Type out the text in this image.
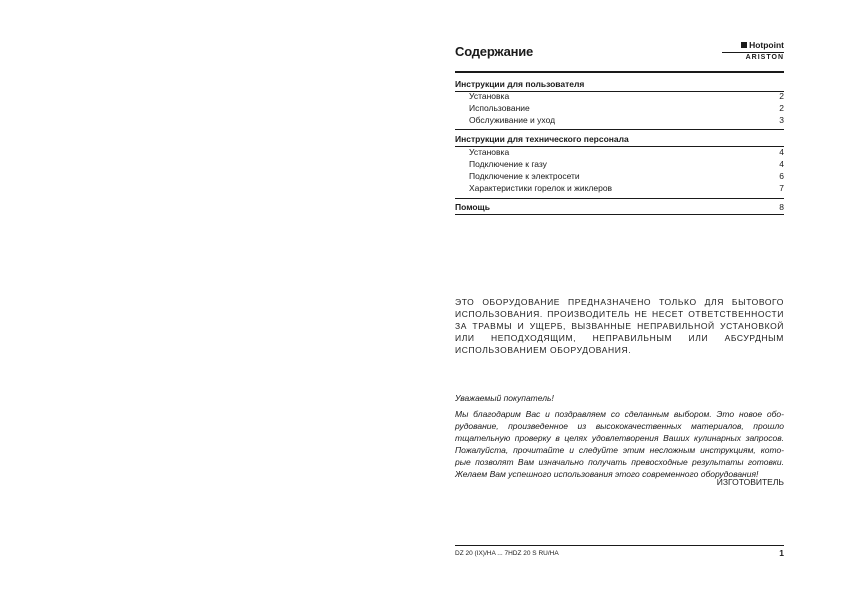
Содержание	Hotpoint
ARISTON
Инструкции для пользователя
Установка	2
Использование	2
Обслуживание и уход	3
Инструкции для технического персонала
Установка	4
Подключение к газу	4
Подключение к электросети	6
Характеристики горелок и жиклеров	7
Помощь	8
ЭТО ОБОРУДОВАНИЕ ПРЕДНАЗНАЧЕНО ТОЛЬКО ДЛЯ БЫТОВОГО ИСПОЛЬЗОВАНИЯ. ПРОИЗВОДИТЕЛЬ НЕ НЕСЕТ ОТВЕТСТВЕННОСТИ ЗА ТРАВМЫ И УЩЕРБ, ВЫЗВАННЫЕ НЕПРАВИЛЬНОЙ УСТАНОВКОЙ ИЛИ НЕПОДХОДЯЩИМ, НЕПРАВИЛЬНЫМ ИЛИ АБСУРДНЫМ ИСПОЛЬЗОВАНИЕМ ОБОРУДОВАНИЯ.
Уважаемый покупатель!
Мы благодарим Вас и поздравляем со сделанным выбором. Это новое обо-
рудование, произведенное из высококачественных материалов, прошло
тщательную проверку в целях удовлетворения Ваших кулинарных запросов.
Пожалуйста, прочитайте и следуйте этим несложным инструкциям, кото-
рые позволят Вам изначально получать превосходные результаты готовки.
Желаем Вам успешного использования этого современного оборудования!
ИЗГОТОВИТЕЛЬ
DZ 20 (IX)/HA ... 7HDZ 20 S RU/HA	1
